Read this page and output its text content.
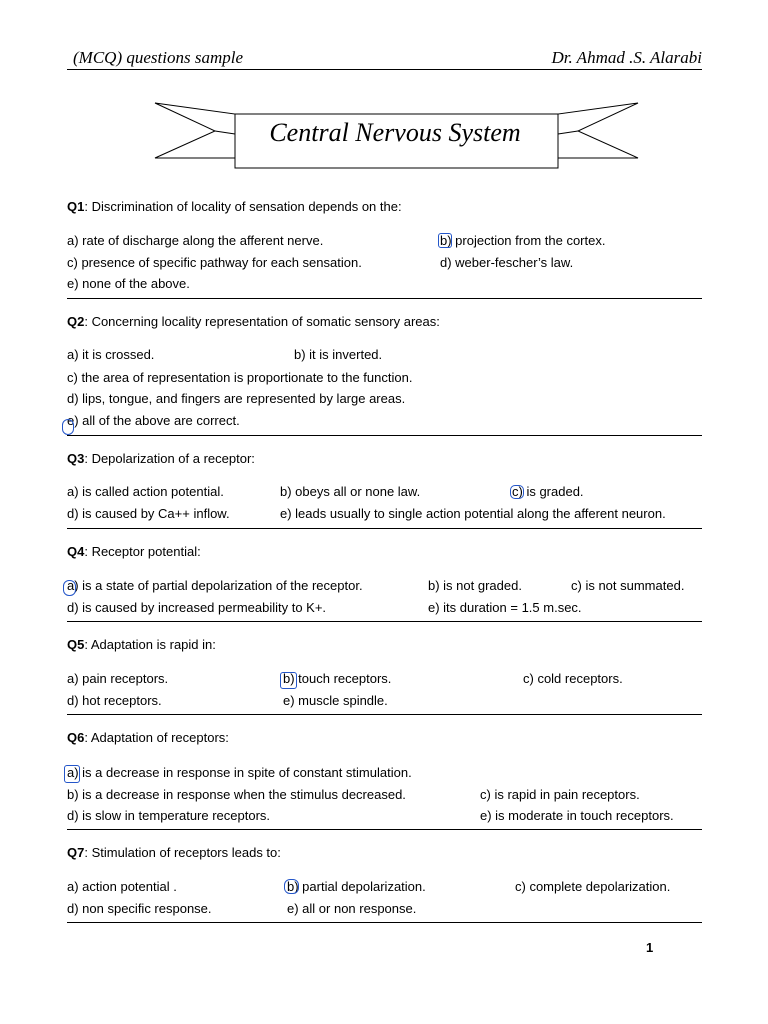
(MCQ) questions sample	Dr. Ahmad .S. Alarabi
Central Nervous System
Q1: Discrimination of locality of sensation depends on the:
a) rate of discharge along the afferent nerve.	b) projection from the cortex.
c) presence of specific pathway for each sensation.	d) weber-fescher’s law.
e) none of the above.
Q2: Concerning locality representation of somatic sensory areas:
a) it is crossed.	b) it is inverted.
c) the area of representation is proportionate to the function.
d) lips, tongue, and fingers are represented by large areas.
e) all of the above are correct.
Q3: Depolarization of a receptor:
a) is called action potential.	b) obeys all or none law.	c) is graded.
d) is caused by Ca++ inflow.	e) leads usually to single action potential along the afferent neuron.
Q4: Receptor potential:
a) is a state of partial depolarization of the receptor.	b) is not graded.	c) is not summated.
d) is caused by increased permeability to K+.	e) its duration = 1.5 m.sec.
Q5: Adaptation is rapid in:
a) pain receptors.	b) touch receptors.	c) cold receptors.
d) hot receptors.	e) muscle spindle.
Q6: Adaptation of receptors:
a) is a decrease in response in spite of constant stimulation.
b) is a decrease in response when the stimulus decreased.	c) is rapid in pain receptors.
d) is slow in temperature receptors.	e) is moderate in touch receptors.
Q7: Stimulation of receptors leads to:
a) action potential .	b) partial depolarization.	c) complete depolarization.
d) non specific response.	e) all or non response.
1
